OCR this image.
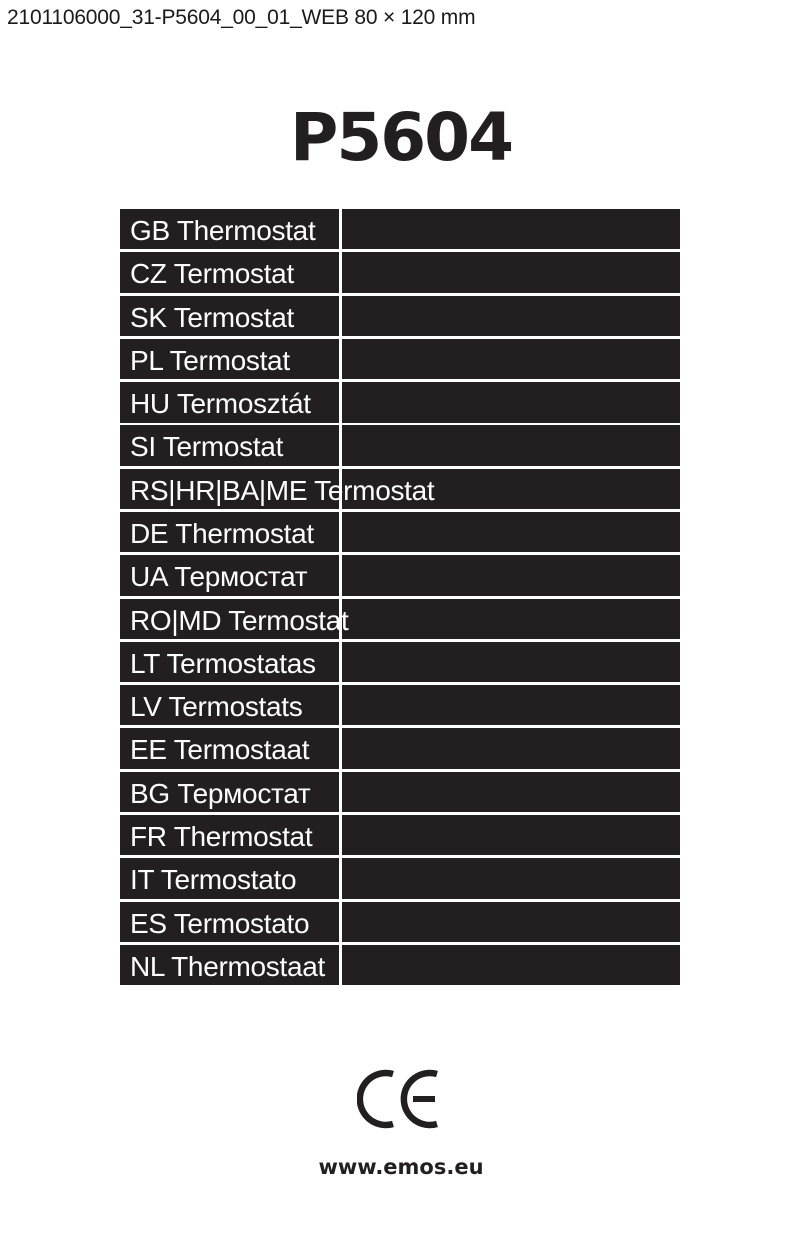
2101106000_31-P5604_00_01_WEB 80 × 120 mm
P5604
GB Thermostat
CZ Termostat
SK Termostat
PL Termostat
HU Termosztát
SI Termostat
RS|HR|BA|ME Termostat
DE Thermostat
UA Термостат
RO|MD Termostat
LT Termostatas
LV Termostats
EE Termostaat
BG Термостат
FR Thermostat
IT Termostato
ES Termostato
NL Thermostaat
www.emos.eu
